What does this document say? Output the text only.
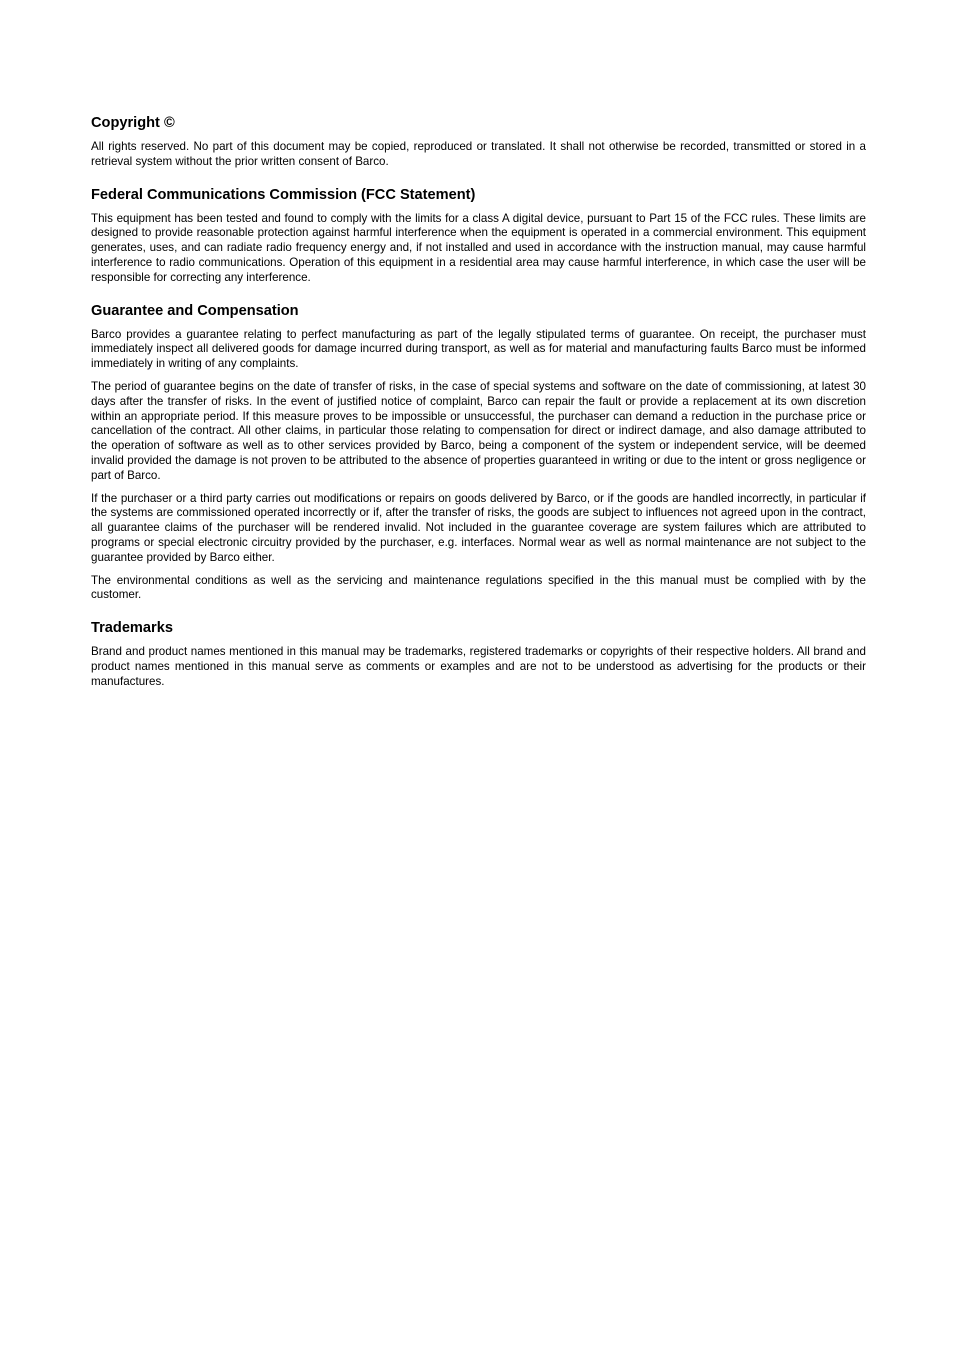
Copyright ©

All rights reserved. No part of this document may be copied, reproduced or translated. It shall not otherwise be recorded, transmitted or stored in a retrieval system without the prior written consent of Barco.

Federal Communications Commission (FCC Statement)

This equipment has been tested and found to comply with the limits for a class A digital device, pursuant to Part 15 of the FCC rules. These limits are designed to provide reasonable protection against harmful interference when the equipment is operated in a commercial environment. This equipment generates, uses, and can radiate radio frequency energy and, if not installed and used in accordance with the instruction manual, may cause harmful interference to radio communications. Operation of this equipment in a residential area may cause harmful interference, in which case the user will be responsible for correcting any interference.

Guarantee and Compensation

Barco provides a guarantee relating to perfect manufacturing as part of the legally stipulated terms of guarantee. On receipt, the purchaser must immediately inspect all delivered goods for damage incurred during transport, as well as for material and manufacturing faults Barco must be informed immediately in writing of any complaints.

The period of guarantee begins on the date of transfer of risks, in the case of special systems and software on the date of commissioning, at latest 30 days after the transfer of risks. In the event of justified notice of complaint, Barco can repair the fault or provide a replacement at its own discretion within an appropriate period. If this measure proves to be impossible or unsuccessful, the purchaser can demand a reduction in the purchase price or cancellation of the contract. All other claims, in particular those relating to compensation for direct or indirect damage, and also damage attributed to the operation of software as well as to other services provided by Barco, being a component of the system or independent service, will be deemed invalid provided the damage is not proven to be attributed to the absence of properties guaranteed in writing or due to the intent or gross negligence or part of Barco.

If the purchaser or a third party carries out modifications or repairs on goods delivered by Barco, or if the goods are handled incorrectly, in particular if the systems are commissioned operated incorrectly or if, after the transfer of risks, the goods are subject to influences not agreed upon in the contract, all guarantee claims of the purchaser will be rendered invalid. Not included in the guarantee coverage are system failures which are attributed to programs or special electronic circuitry provided by the purchaser, e.g. interfaces. Normal wear as well as normal maintenance are not subject to the guarantee provided by Barco either.

The environmental conditions as well as the servicing and maintenance regulations specified in the this manual must be complied with by the customer.

Trademarks

Brand and product names mentioned in this manual may be trademarks, registered trademarks or copyrights of their respective holders. All brand and product names mentioned in this manual serve as comments or examples and are not to be understood as advertising for the products or their manufactures.
